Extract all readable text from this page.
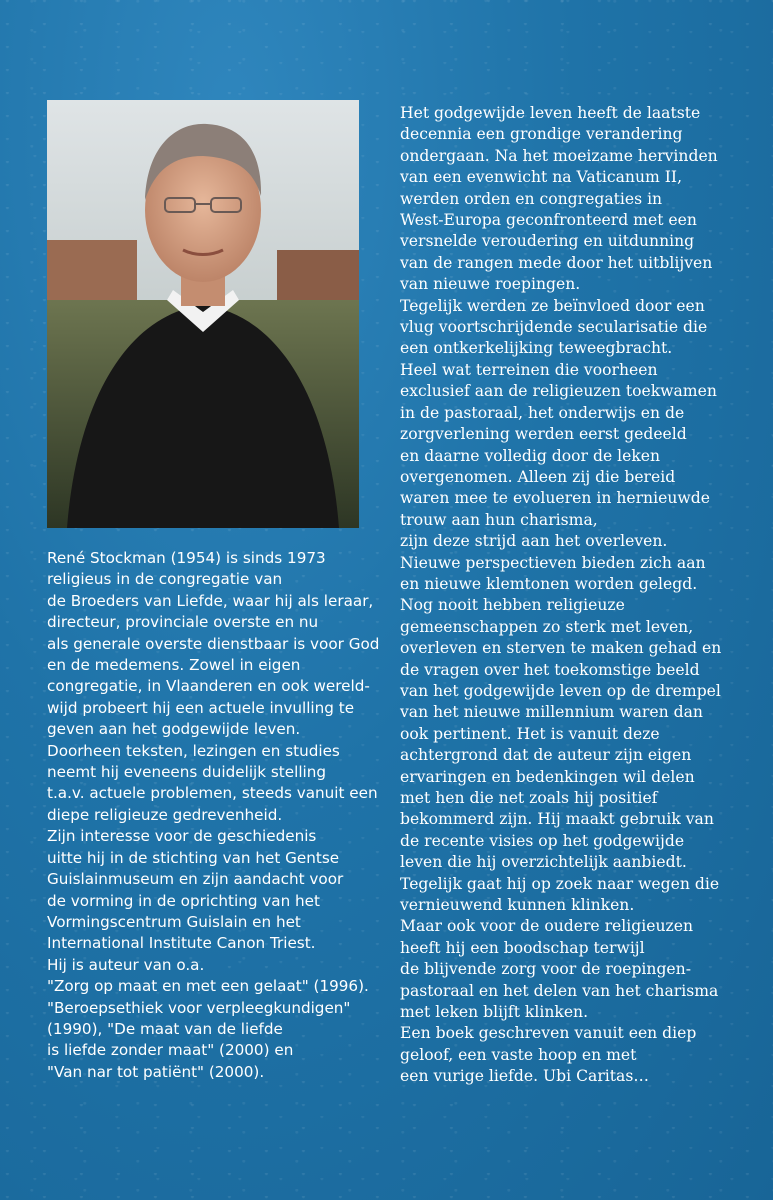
René Stockman (1954) is sinds 1973
religieus in de congregatie van
de Broeders van Liefde, waar hij als leraar,
directeur, provinciale overste en nu
als generale overste dienstbaar is voor God
en de medemens. Zowel in eigen
congregatie, in Vlaanderen en ook wereld-
wijd probeert hij een actuele invulling te
geven aan het godgewijde leven.
Doorheen teksten, lezingen en studies
neemt hij eveneens duidelijk stelling
t.a.v. actuele problemen, steeds vanuit een
diepe religieuze gedrevenheid.
Zijn interesse voor de geschiedenis
uitte hij in de stichting van het Gentse
Guislainmuseum en zijn aandacht voor
de vorming in de oprichting van het
Vormingscentrum Guislain en het
International Institute Canon Triest.
Hij is auteur van o.a.
"Zorg op maat en met een gelaat" (1996).
"Beroepsethiek voor verpleegkundigen"
(1990), "De maat van de liefde
is liefde zonder maat" (2000) en
"Van nar tot patiënt" (2000).
Het godgewijde leven heeft de laatste
decennia een grondige verandering
ondergaan. Na het moeizame hervinden
van een evenwicht na Vaticanum II,
werden orden en congregaties in
West-Europa geconfronteerd met een
versnelde veroudering en uitdunning
van de rangen mede door het uitblijven
van nieuwe roepingen.
Tegelijk werden ze beïnvloed door een
vlug voortschrijdende secularisatie die
een ontkerkelijking teweegbracht.
Heel wat terreinen die voorheen
exclusief aan de religieuzen toekwamen
in de pastoraal, het onderwijs en de
zorgverlening werden eerst gedeeld
en daarne volledig door de leken
overgenomen. Alleen zij die bereid
waren mee te evolueren in hernieuwde
trouw aan hun charisma,
zijn deze strijd aan het overleven.
Nieuwe perspectieven bieden zich aan
en nieuwe klemtonen worden gelegd.
Nog nooit hebben religieuze
gemeenschappen zo sterk met leven,
overleven en sterven te maken gehad en
de vragen over het toekomstige beeld
van het godgewijde leven op de drempel
van het nieuwe millennium waren dan
ook pertinent. Het is vanuit deze
achtergrond dat de auteur zijn eigen
ervaringen en bedenkingen wil delen
met hen die net zoals hij positief
bekommerd zijn. Hij maakt gebruik van
de recente visies op het godgewijde
leven die hij overzichtelijk aanbiedt.
Tegelijk gaat hij op zoek naar wegen die
vernieuwend kunnen klinken.
Maar ook voor de oudere religieuzen
heeft hij een boodschap terwijl
de blijvende zorg voor de roepingen-
pastoraal en het delen van het charisma
met leken blijft klinken.
Een boek geschreven vanuit een diep
geloof, een vaste hoop en met
een vurige liefde. Ubi Caritas…
